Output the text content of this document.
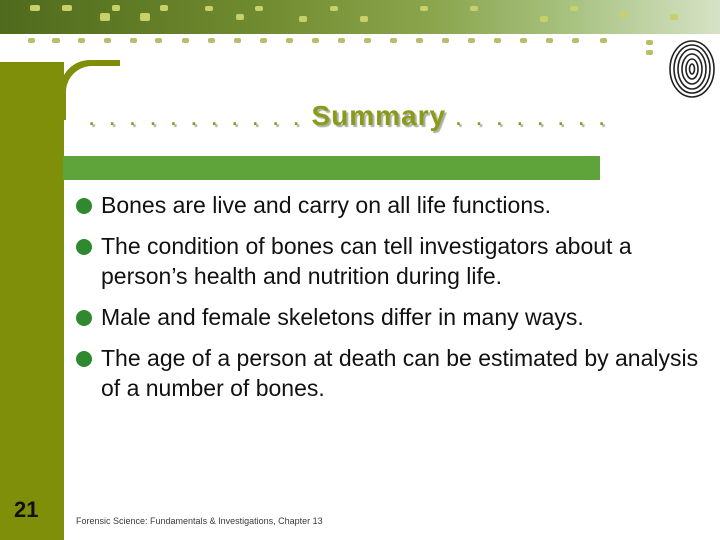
. . . . . . . . . . . Summary . . . . . . . .
Bones are live and carry on all life functions.
The condition of bones can tell investigators about a person’s health and nutrition during life.
Male and female skeletons differ in many ways.
The age of a person at death can be estimated by analysis of a number of bones.
21	Forensic Science: Fundamentals & Investigations, Chapter 13
